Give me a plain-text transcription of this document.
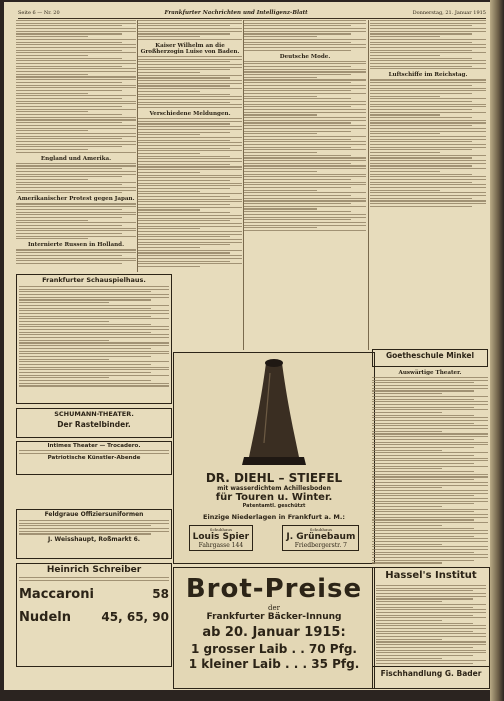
Seite 6 — Nr. 20	Frankfurter Nachrichten und Intelligenz-Blatt	Donnerstag, 21. Januar 1915
England und Amerika.
Amerikanischer Protest gegen Japan.
Internierte Russen in Holland.
Kaiser Wilhelm an die Großherzogin Luise von Baden.
Verschiedene Meldungen.
Deutsche Mode.
Luftschiffe im Reichstag.
Frankfurter Schauspielhaus.
SCHUMANN-THEATER.
Der Rastelbinder.
Intimes Theater — Trocadero.
Patriotische Künstler-Abende
Feldgraue Offiziersuniformen
J. Weisshaupt, Roßmarkt 6.
Heinrich Schreiber
Maccaroni	58
Nudeln	45, 65, 90
DR. DIEHL – STIEFEL
mit wasserdichtem Achillesboden
für Touren u. Winter.
Patentamtl. geschützt
Einzige Niederlagen in Frankfurt a. M.:
Schuhhaus
Louis Spier
Fahrgasse 144
Schuhhaus
J. Grünebaum
Friedbergerstr. 7
Brot-Preise
der
Frankfurter Bäcker-Innung
ab 20. Januar 1915:
1 grosser Laib . . 70 Pfg.
1 kleiner Laib . . . 35 Pfg.
Goetheschule Minkel
Auswärtige Theater.
Hassel's Institut
Fischhandlung G. Bader
